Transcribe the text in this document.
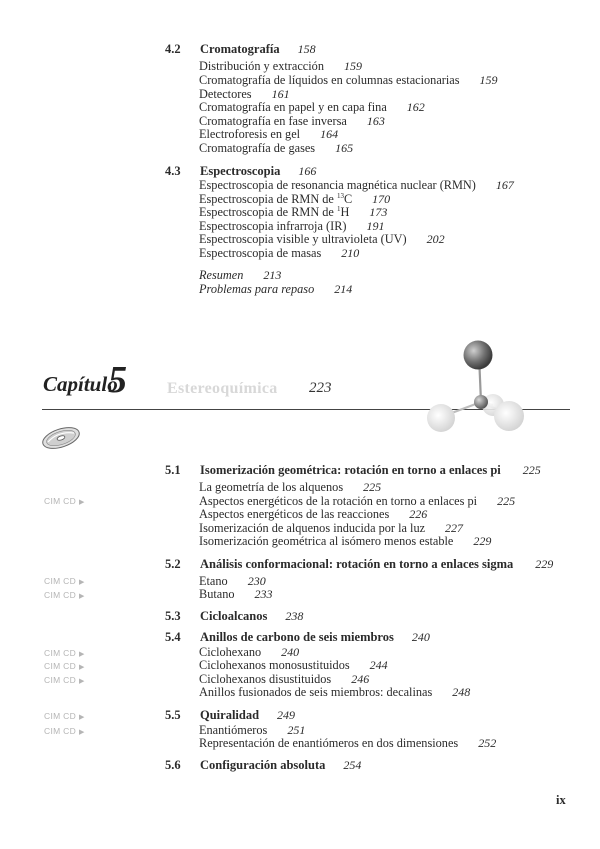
4.2 Cromatografía 158
Distribución y extracción 159
Cromatografía de líquidos en columnas estacionarias 159
Detectores 161
Cromatografía en papel y en capa fina 162
Cromatografía en fase inversa 163
Electroforesis en gel 164
Cromatografía de gases 165
4.3 Espectroscopia 166
Espectroscopia de resonancia magnética nuclear (RMN) 167
Espectroscopia de RMN de $^{13}$C 170
Espectroscopia de RMN de $^1$H 173
Espectroscopia infrarroja (IR) 191
Espectroscopia visible y ultravioleta (UV) 202
Espectroscopia de masas 210
Resumen 213
Problemas para repaso 214
Capítulo
5	Estereoquímica 223
5.1 Isomerización geométrica: rotación en torno a enlaces pi 225
La geometría de los alquenos 225
CIM CD ▶	Aspectos energéticos de la rotación en torno a enlaces pi 225
Aspectos energéticos de las reacciones 226
Isomerización de alquenos inducida por la luz 227
Isomerización geométrica al isómero menos estable 229
5.2 Análisis conformacional: rotación en torno a enlaces sigma 229
CIM CD ▶	Etano 230
CIM CD ▶	Butano 233
5.3 Cicloalcanos 238
5.4 Anillos de carbono de seis miembros 240
CIM CD ▶	Ciclohexano 240
CIM CD ▶	Ciclohexanos monosustituidos 244
CIM CD ▶	Ciclohexanos disustituidos 246
Anillos fusionados de seis miembros: decalinas 248
CIM CD ▶	5.5 Quiralidad 249
CIM CD ▶	Enantiómeros 251
Representación de enantiómeros en dos dimensiones 252
5.6 Configuración absoluta 254
ix
